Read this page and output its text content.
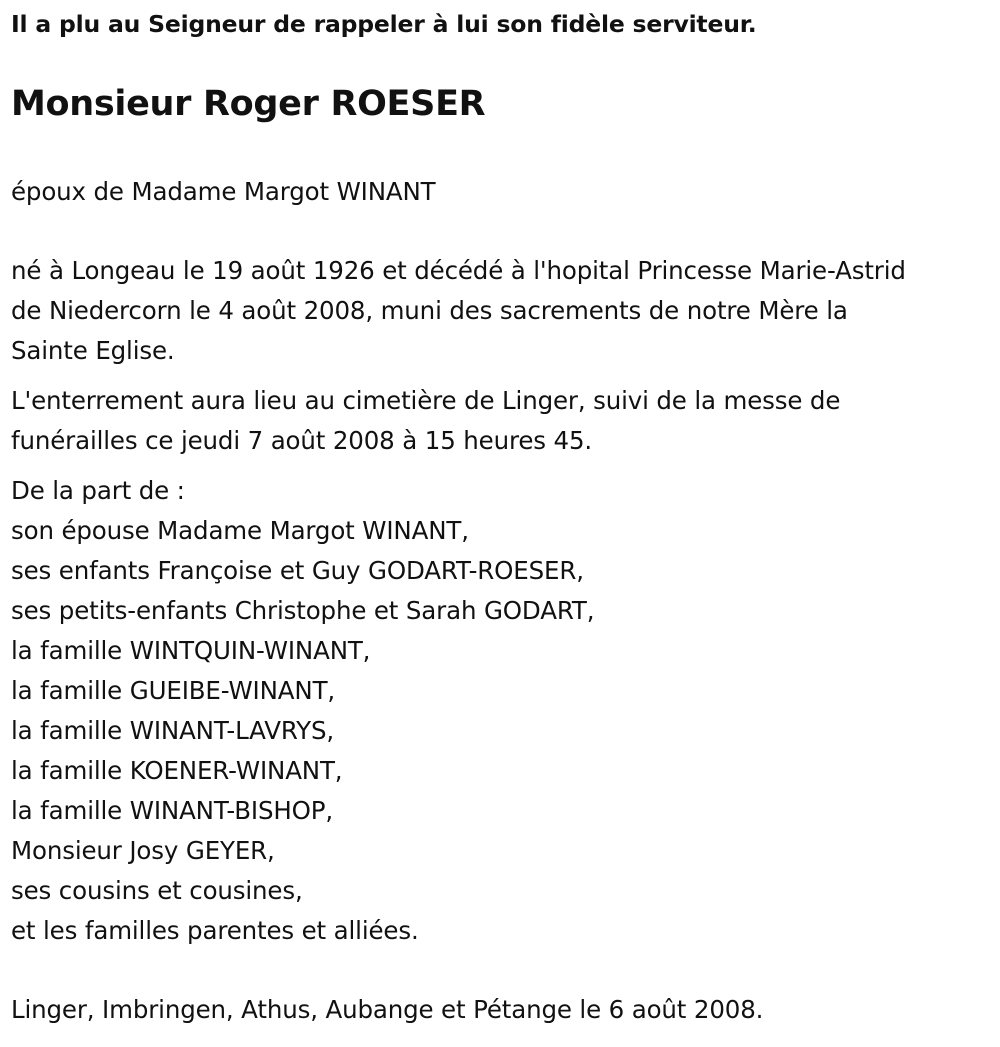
Il a plu au Seigneur de rappeler à lui son fidèle serviteur.
Monsieur Roger ROESER
époux de Madame Margot WINANT
né à Longeau le 19 août 1926 et décédé à l'hopital Princesse Marie-Astrid
de Niedercorn le 4 août 2008, muni des sacrements de notre Mère la
Sainte Eglise.
L'enterrement aura lieu au cimetière de Linger, suivi de la messe de
funérailles ce jeudi 7 août 2008 à 15 heures 45.
De la part de :
son épouse Madame Margot WINANT,
ses enfants Françoise et Guy GODART-ROESER,
ses petits-enfants Christophe et Sarah GODART,
la famille WINTQUIN-WINANT,
la famille GUEIBE-WINANT,
la famille WINANT-LAVRYS,
la famille KOENER-WINANT,
la famille WINANT-BISHOP,
Monsieur Josy GEYER,
ses cousins et cousines,
et les familles parentes et alliées.
Linger, Imbringen, Athus, Aubange et Pétange le 6 août 2008.
